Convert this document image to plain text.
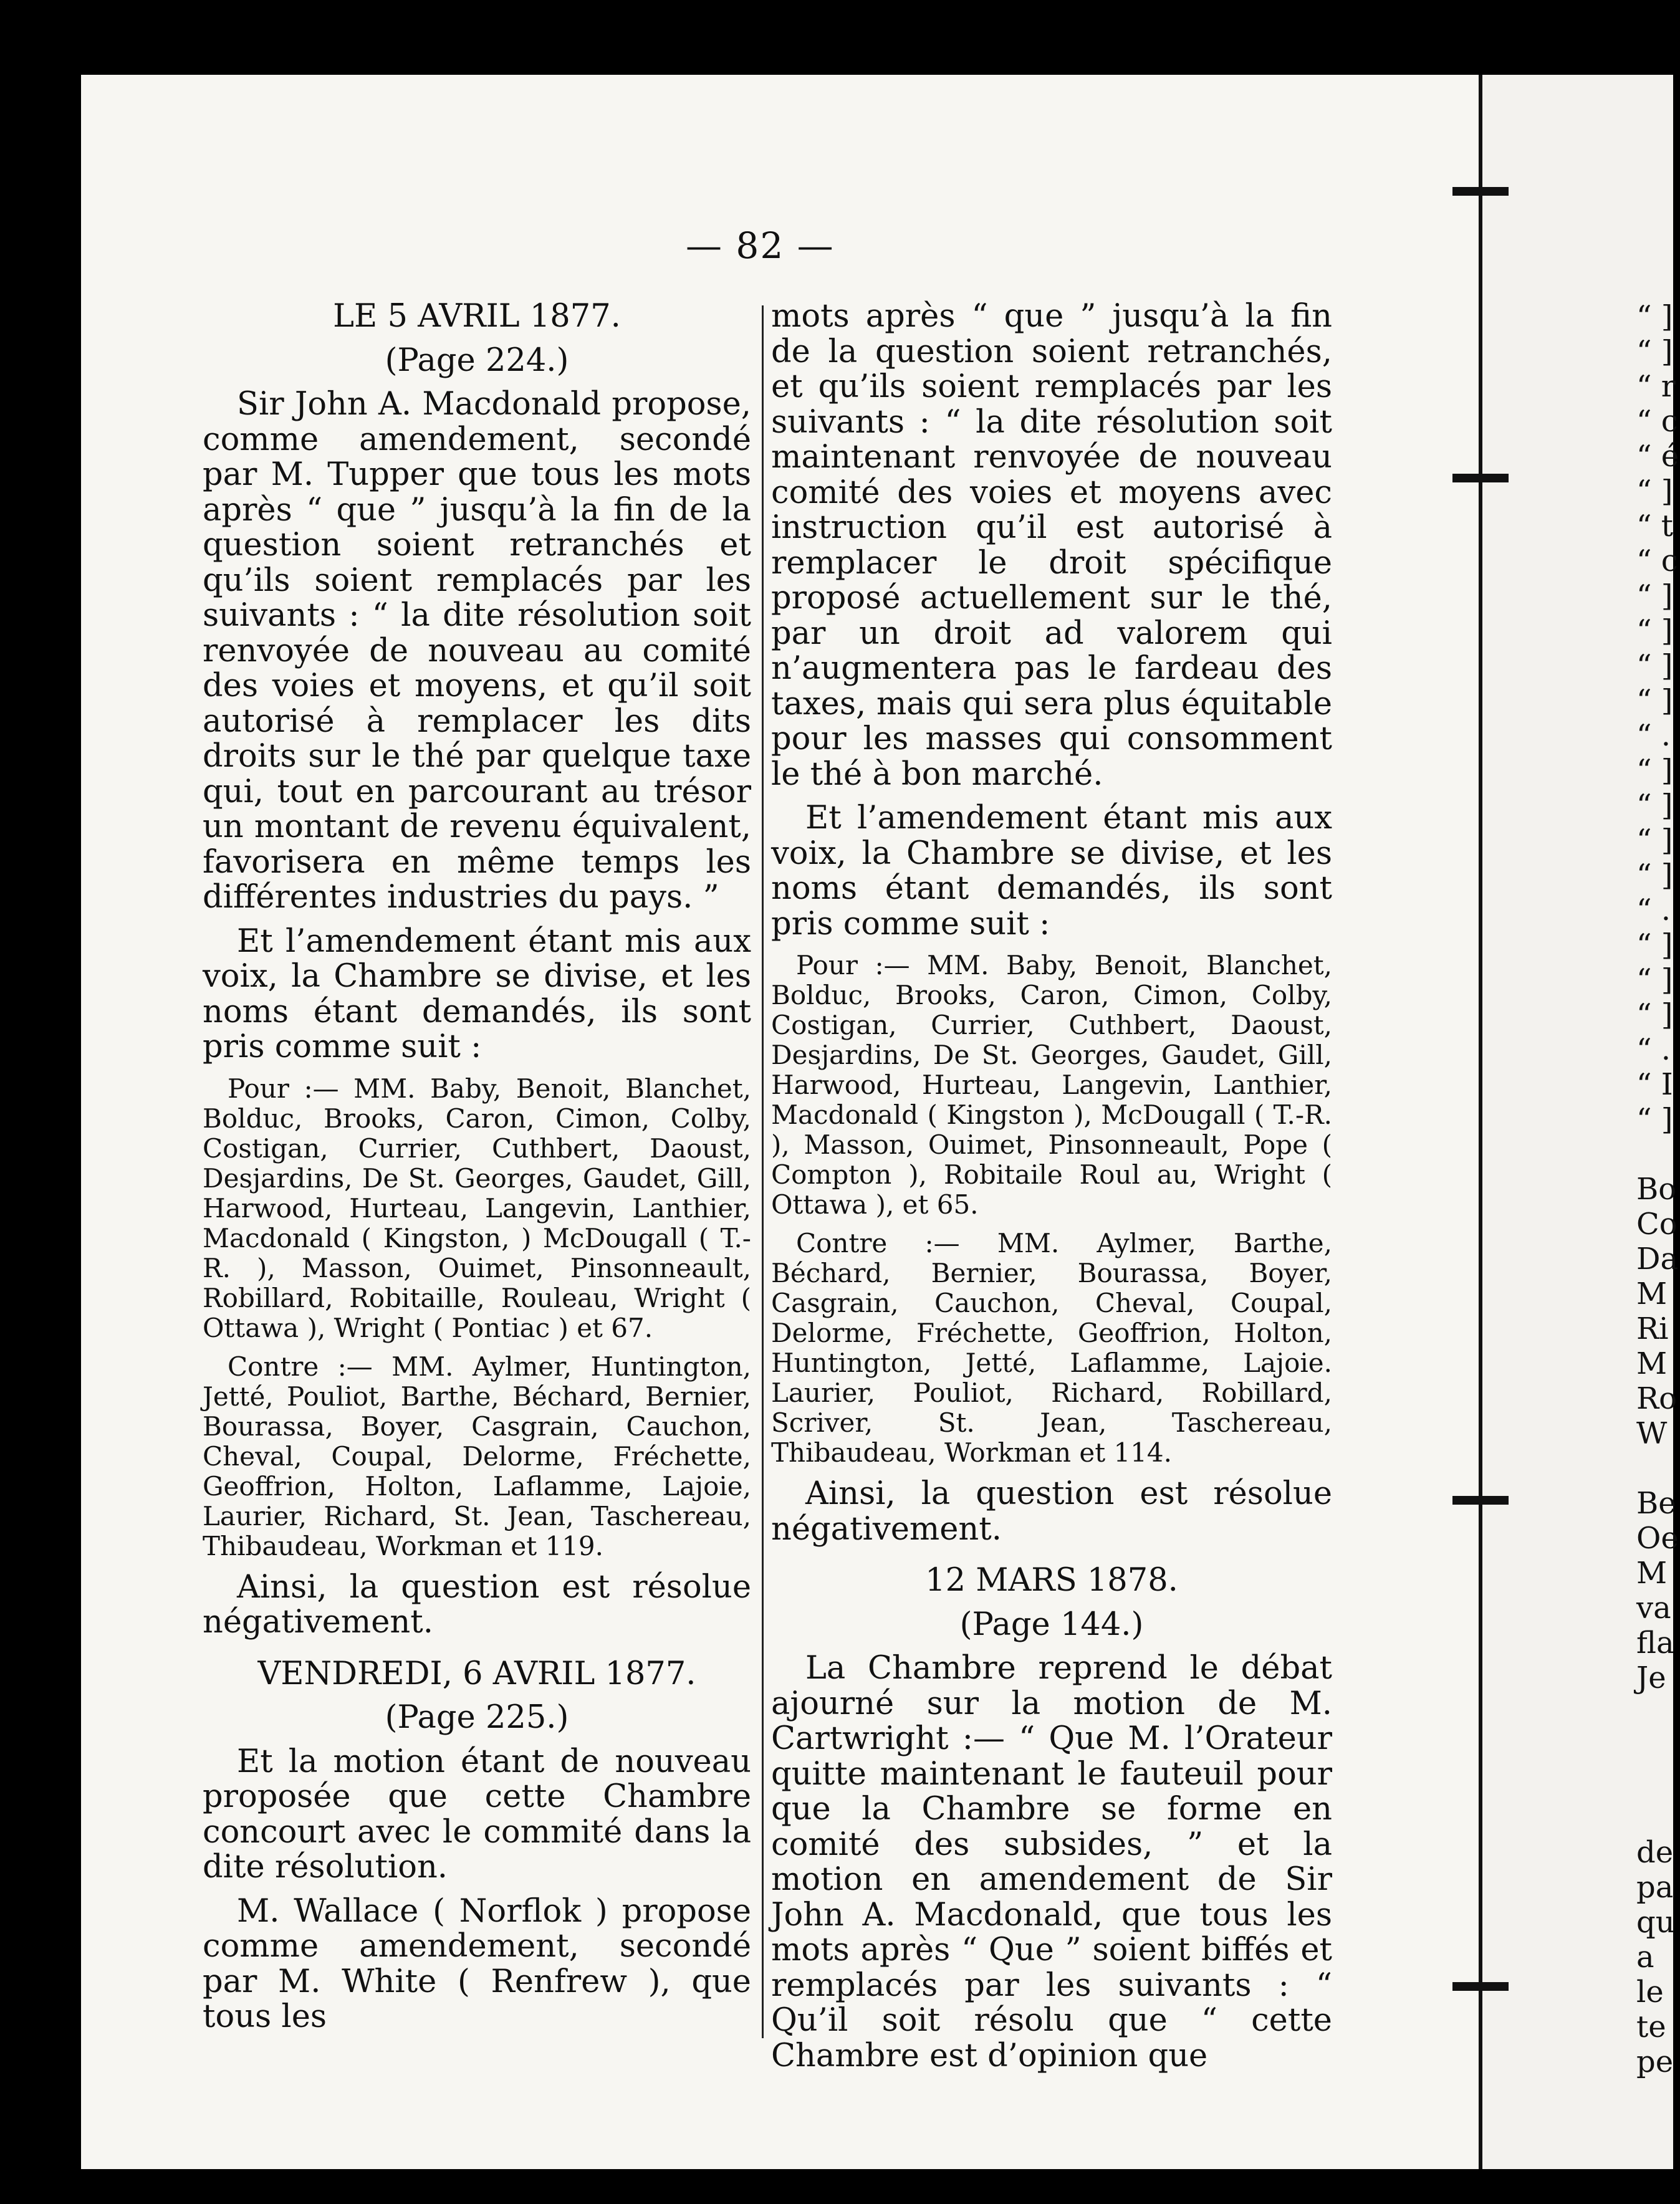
— 82 —

LE 5 AVRIL 1877.

(Page 224.)

Sir John A. Macdonald propose, comme amendement, secondé par M. Tupper que tous les mots après “ que ” jusqu’à la fin de la question soient retranchés et qu’ils soient remplacés par les suivants : “ la dite résolution soit renvoyée de nouveau au comité des voies et moyens, et qu’il soit autorisé à remplacer les dits droits sur le thé par quelque taxe qui, tout en parcourant au trésor un montant de revenu équivalent, favorisera en même temps les différentes industries du pays. ”

Et l’amendement étant mis aux voix, la Chambre se divise, et les noms étant demandés, ils sont pris comme suit :

Pour :— MM. Baby, Benoit, Blanchet, Bolduc, Brooks, Caron, Cimon, Colby, Costigan, Currier, Cuthbert, Daoust, Desjardins, De St. Georges, Gaudet, Gill, Harwood, Hurteau, Langevin, Lanthier, Macdonald ( Kingston, ) McDougall ( T.-R. ), Masson, Ouimet, Pinsonneault, Robillard, Robitaille, Rouleau, Wright ( Ottawa ), Wright ( Pontiac ) et 67.

Contre :— MM. Aylmer, Huntington, Jetté, Pouliot, Barthe, Béchard, Bernier, Bourassa, Boyer, Casgrain, Cauchon, Cheval, Coupal, Delorme, Fréchette, Geoffrion, Holton, Laflamme, Lajoie, Laurier, Richard, St. Jean, Taschereau, Thibaudeau, Workman et 119.

Ainsi, la question est résolue négativement.

VENDREDI, 6 AVRIL 1877.

(Page 225.)

Et la motion étant de nouveau proposée que cette Chambre concourt avec le commité dans la dite résolution.

M. Wallace ( Norflok ) propose comme amendement, secondé par M. White ( Renfrew ), que tous les

mots après “ que ” jusqu’à la fin de la question soient retranchés, et qu’ils soient remplacés par les suivants : “ la dite résolution soit maintenant renvoyée de nouveau comité des voies et moyens avec instruction qu’il est autorisé à remplacer le droit spécifique proposé actuellement sur le thé, par un droit ad valorem qui n’augmentera pas le fardeau des taxes, mais qui sera plus équitable pour les masses qui consomment le thé à bon marché.

Et l’amendement étant mis aux voix, la Chambre se divise, et les noms étant demandés, ils sont pris comme suit :

Pour :— MM. Baby, Benoit, Blanchet, Bolduc, Brooks, Caron, Cimon, Colby, Costigan, Currier, Cuthbert, Daoust, Desjardins, De St. Georges, Gaudet, Gill, Harwood, Hurteau, Langevin, Lanthier, Macdonald ( Kingston ), McDougall ( T.-R. ), Masson, Ouimet, Pinsonneault, Pope ( Compton ), Robitaile Roul au, Wright ( Ottawa ), et 65.

Contre :— MM. Aylmer, Barthe, Béchard, Bernier, Bourassa, Boyer, Casgrain, Cauchon, Cheval, Coupal, Delorme, Fréchette, Geoffrion, Holton, Huntington, Jetté, Laflamme, Lajoie. Laurier, Pouliot, Richard, Robillard, Scriver, St. Jean, Taschereau, Thibaudeau, Workman et 114.

Ainsi, la question est résolue négativement.

12 MARS 1878.

(Page 144.)

La Chambre reprend le débat ajourné sur la motion de M. Cartwright :— “ Que M. l’Orateur quitte maintenant le fauteuil pour que la Chambre se forme en comité des subsides, ” et la motion en amendement de Sir John A. Macdonald, que tous les mots après “ Que ” soient biffés et remplacés par les suivants : “ Qu’il soit résolu que “ cette Chambre est d’opinion que

“ ]
“ ]
“ r
“ c
“ é
“ ]
“ t
“ c
“ ]
“ ]
“ ]
“ ]
“ .
“ ]
“ ]
“ ]
“ ]
“ .
“ ]
“ ]
“ ]
“ .
“ I
“ ]

Bo
Co
Da
M
Ri
M
Ro
W

Be
Oe
M
va
fla
Je

de
pa
qu
a
le
te
pe
